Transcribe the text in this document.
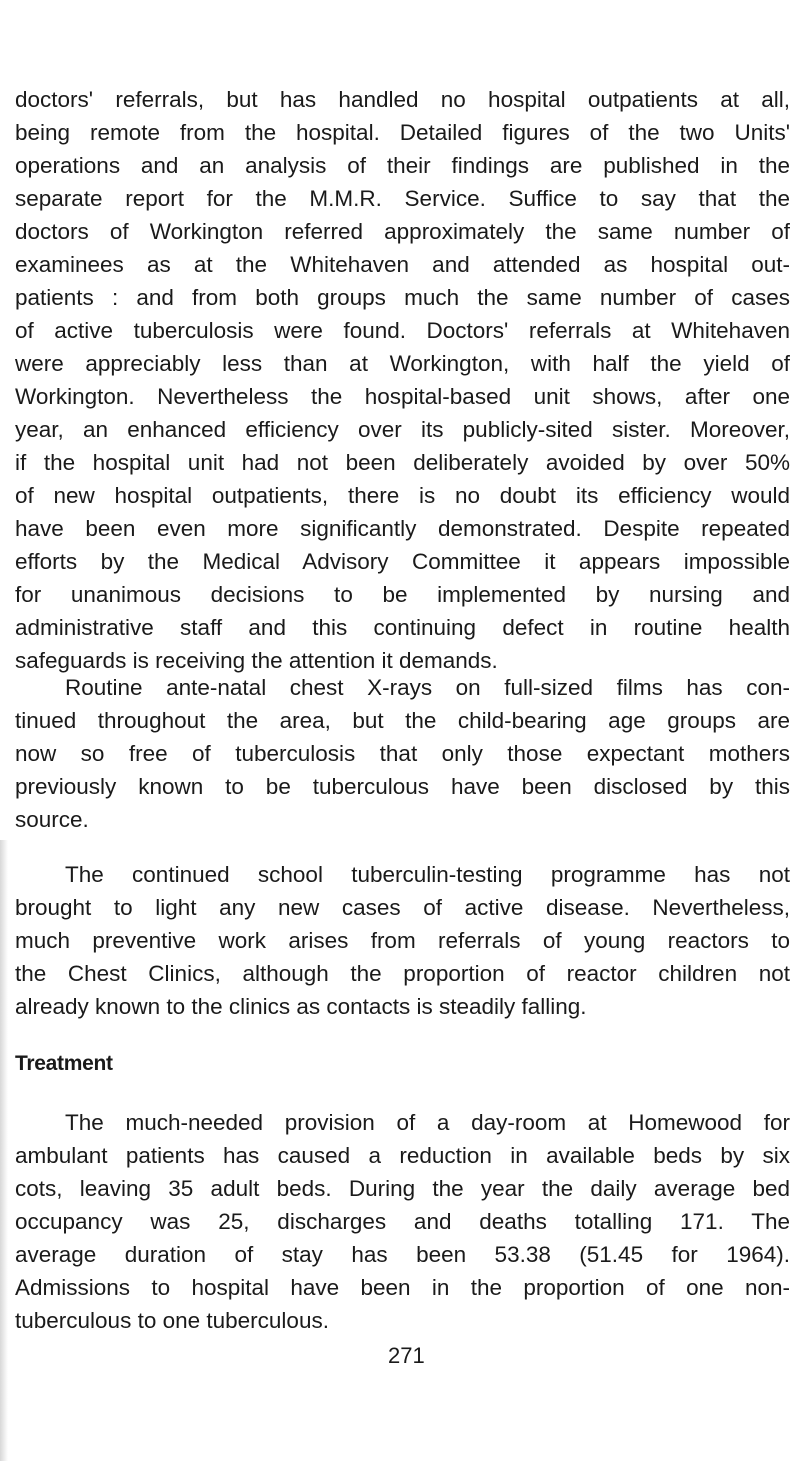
doctors' referrals, but has handled no hospital outpatients at all,
being remote from the hospital. Detailed figures of the two Units'
operations and an analysis of their findings are published in the
separate report for the M.M.R. Service. Suffice to say that the
doctors of Workington referred approximately the same number of
examinees as at the Whitehaven and attended as hospital out-
patients : and from both groups much the same number of cases
of active tuberculosis were found. Doctors' referrals at Whitehaven
were appreciably less than at Workington, with half the yield of
Workington. Nevertheless the hospital-based unit shows, after one
year, an enhanced efficiency over its publicly-sited sister. Moreover,
if the hospital unit had not been deliberately avoided by over 50%
of new hospital outpatients, there is no doubt its efficiency would
have been even more significantly demonstrated. Despite repeated
efforts by the Medical Advisory Committee it appears impossible
for unanimous decisions to be implemented by nursing and
administrative staff and this continuing defect in routine health
safeguards is receiving the attention it demands.
Routine ante-natal chest X-rays on full-sized films has con-
tinued throughout the area, but the child-bearing age groups are
now so free of tuberculosis that only those expectant mothers
previously known to be tuberculous have been disclosed by this
source.
The continued school tuberculin-testing programme has not
brought to light any new cases of active disease. Nevertheless,
much preventive work arises from referrals of young reactors to
the Chest Clinics, although the proportion of reactor children not
already known to the clinics as contacts is steadily falling.
Treatment
The much-needed provision of a day-room at Homewood for
ambulant patients has caused a reduction in available beds by six
cots, leaving 35 adult beds. During the year the daily average bed
occupancy was 25, discharges and deaths totalling 171. The
average duration of stay has been 53.38 (51.45 for 1964).
Admissions to hospital have been in the proportion of one non-
tuberculous to one tuberculous.
271
